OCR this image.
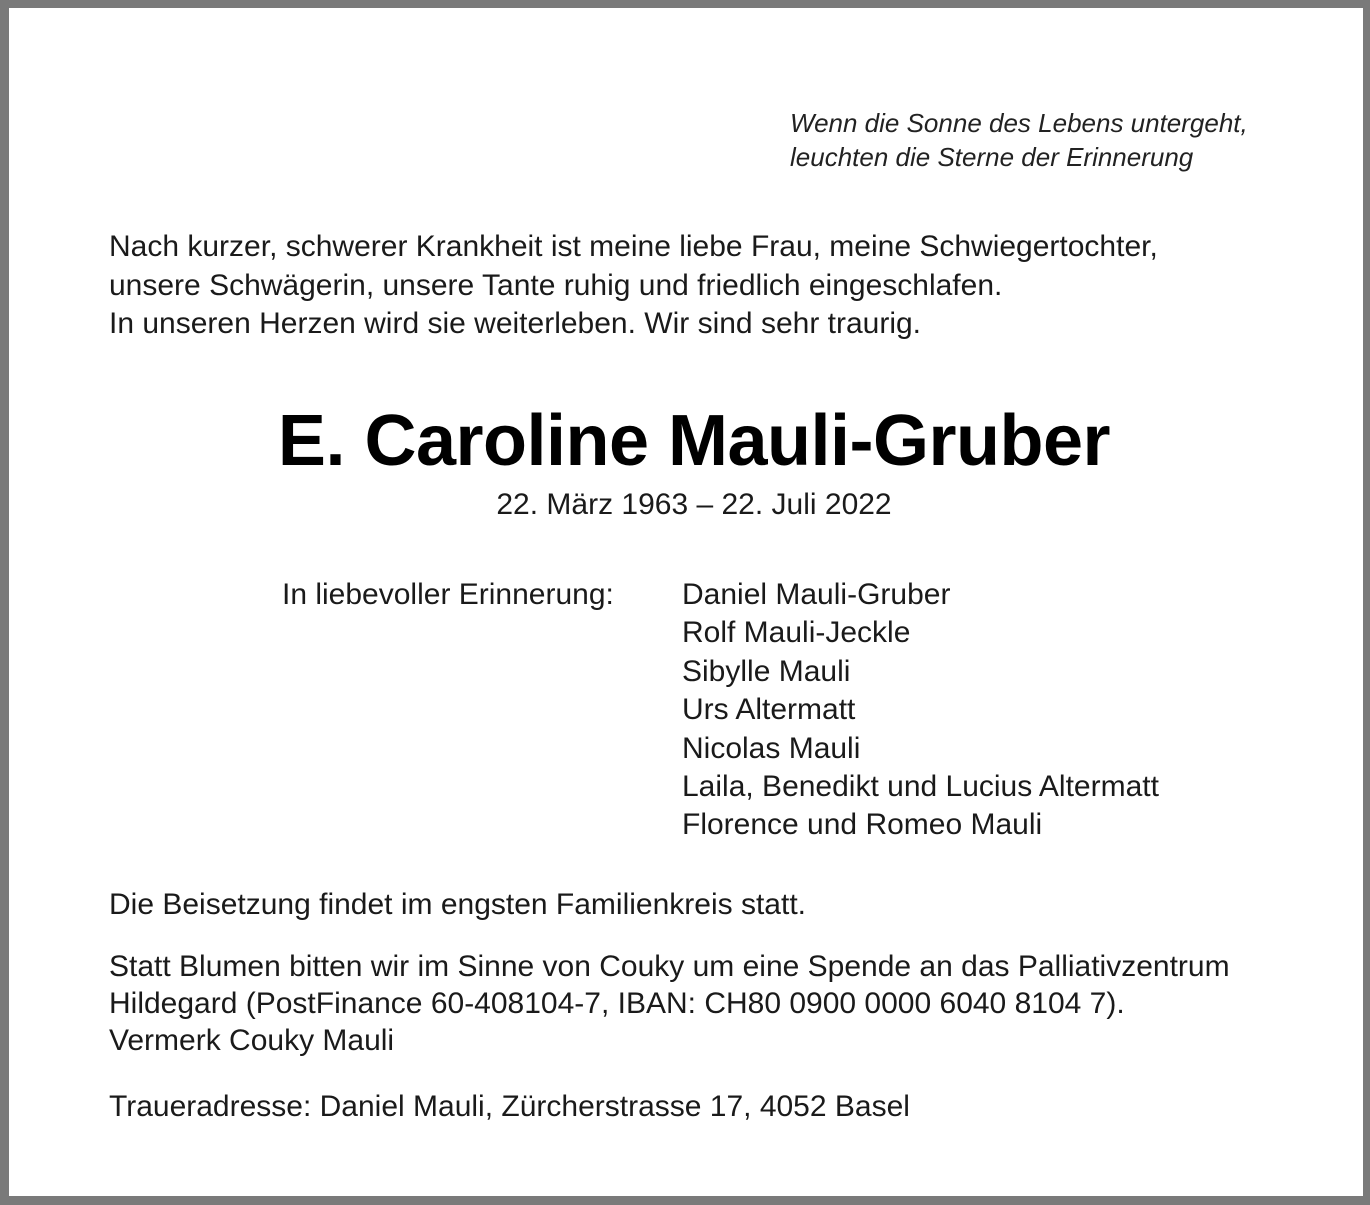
Wenn die Sonne des Lebens untergeht,
leuchten die Sterne der Erinnerung
Nach kurzer, schwerer Krankheit ist meine liebe Frau, meine Schwiegertochter,
unsere Schwägerin, unsere Tante ruhig und friedlich eingeschlafen.
In unseren Herzen wird sie weiterleben. Wir sind sehr traurig.
E. Caroline Mauli-Gruber
22. März 1963 – 22. Juli 2022
In liebevoller Erinnerung: Daniel Mauli-Gruber
Rolf Mauli-Jeckle
Sibylle Mauli
Urs Altermatt
Nicolas Mauli
Laila, Benedikt und Lucius Altermatt
Florence und Romeo Mauli
Die Beisetzung findet im engsten Familienkreis statt.
Statt Blumen bitten wir im Sinne von Couky um eine Spende an das Palliativzentrum
Hildegard (PostFinance 60-408104-7, IBAN: CH80 0900 0000 6040 8104 7).
Vermerk Couky Mauli
Traueradresse: Daniel Mauli, Zürcherstrasse 17, 4052 Basel
